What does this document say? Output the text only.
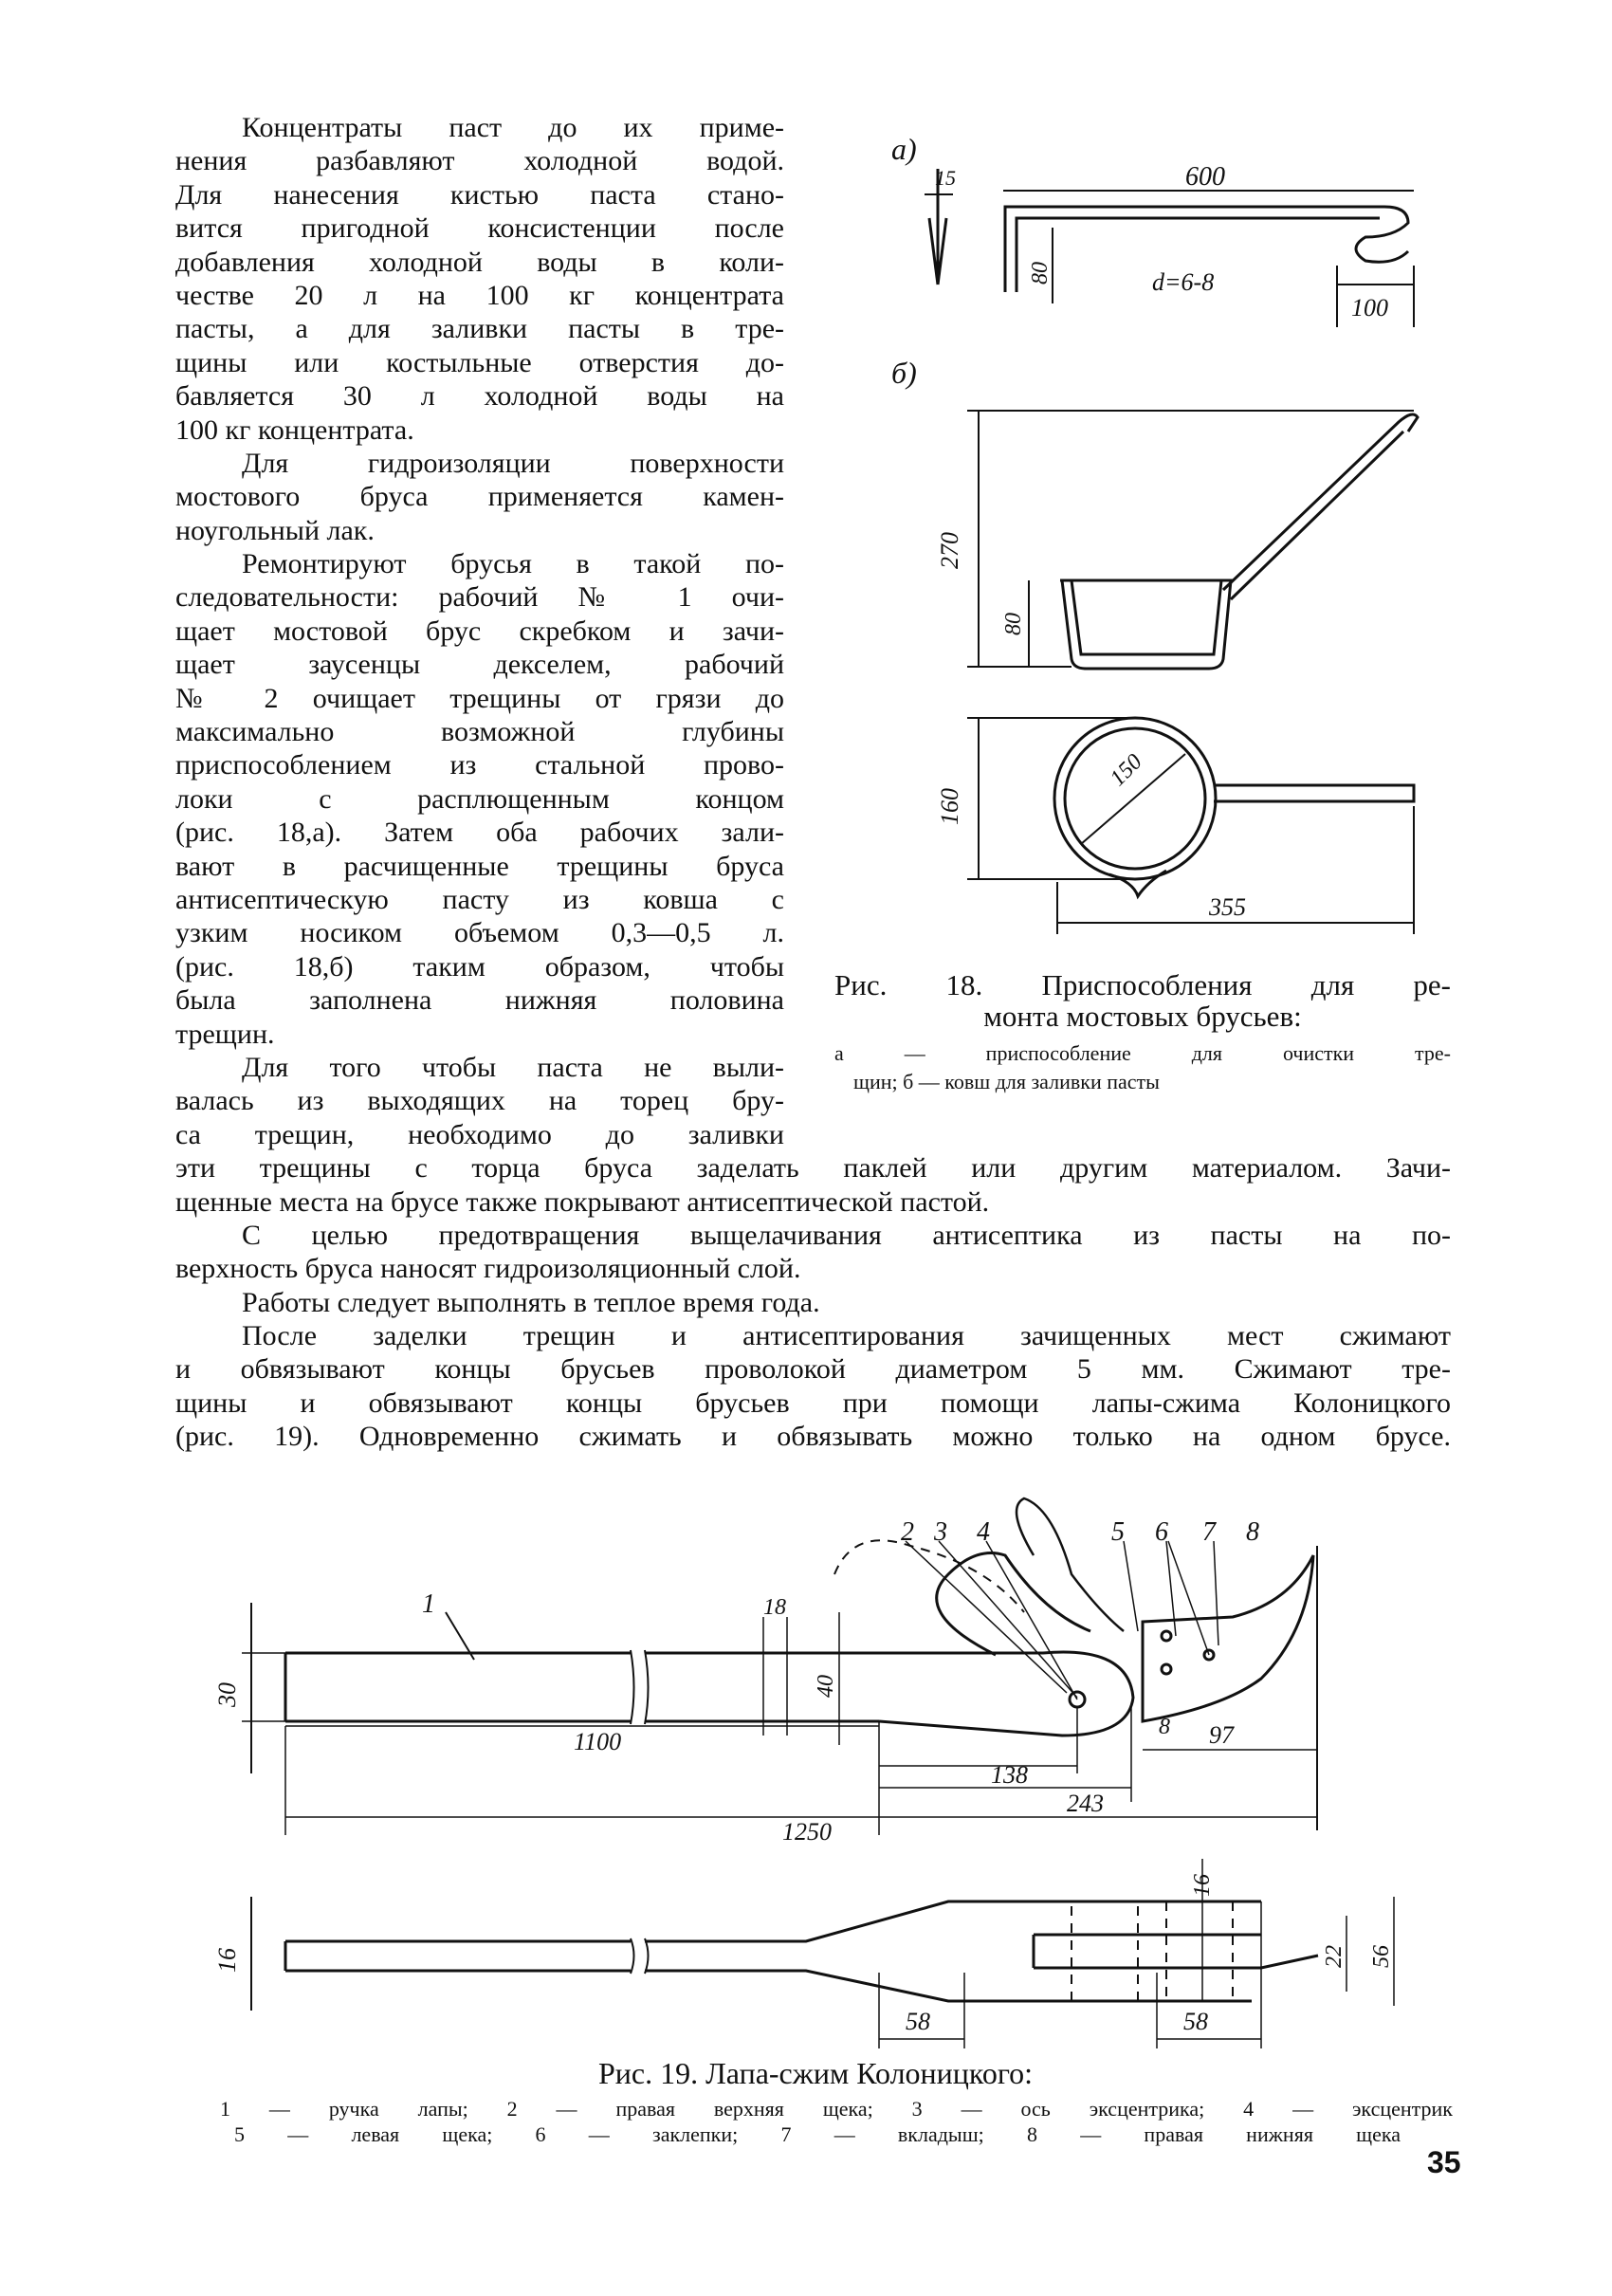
Концентраты паст до их приме-
нения разбавляют холодной водой.
Для нанесения кистью паста стано-
вится пригодной консистенции после
добавления холодной воды в коли-
честве 20 л на 100 кг концентрата
пасты, а для заливки пасты в тре-
щины или костыльные отверстия до-
бавляется 30 л холодной воды на
100 кг концентрата.
Для гидроизоляции поверхности
мостового бруса применяется камен-
ноугольный лак.
Ремонтируют брусья в такой по-
следовательности: рабочий № 1 очи-
щает мостовой брус скребком и зачи-
щает заусенцы декселем, рабочий
№ 2 очищает трещины от грязи до
максимально возможной глубины
приспособлением из стальной прово-
локи с расплющенным концом
(рис. 18,а). Затем оба рабочих зали-
вают в расчищенные трещины бруса
антисептическую пасту из ковша с
узким носиком объемом 0,3—0,5 л.
(рис. 18,б) таким образом, чтобы
была заполнена нижняя половина
трещин.
Для того чтобы паста не выли-
валась из выходящих на торец бру-
са трещин, необходимо до заливки
эти трещины с торца бруса заделать паклей или другим материалом. Зачи-
щенные места на брусе также покрывают антисептической пастой.
С целью предотвращения выщелачивания антисептика из пасты на по-
верхность бруса наносят гидроизоляционный слой.
Работы следует выполнять в теплое время года.
После заделки трещин и антисептирования зачищенных мест сжимают
и обвязывают концы брусьев проволокой диаметром 5 мм. Сжимают тре-
щины и обвязывают концы брусьев при помощи лапы-сжима Колоницкого
(рис. 19). Одновременно сжимать и обвязывать можно только на одном брусе.
а)
15	600
80	d=6-8
100
б)
270
80
160
150
355
1
2 3 4	5 6 7 8
30
18
40
1100
8 97
138
243
1250
16
16
22 56
58	58
Рис. 18. Приспособления для ре-
монта мостовых брусьев:
а — приспособление для очистки тре-
щин; б — ковш для заливки пасты
Рис. 19. Лапа-сжим Колоницкого:
1 — ручка лапы; 2 — правая верхняя щека; 3 — ось эксцентрика; 4 — эксцентрик
5 — левая щека; 6 — заклепки; 7 — вкладыш; 8 — правая нижняя щека
35
